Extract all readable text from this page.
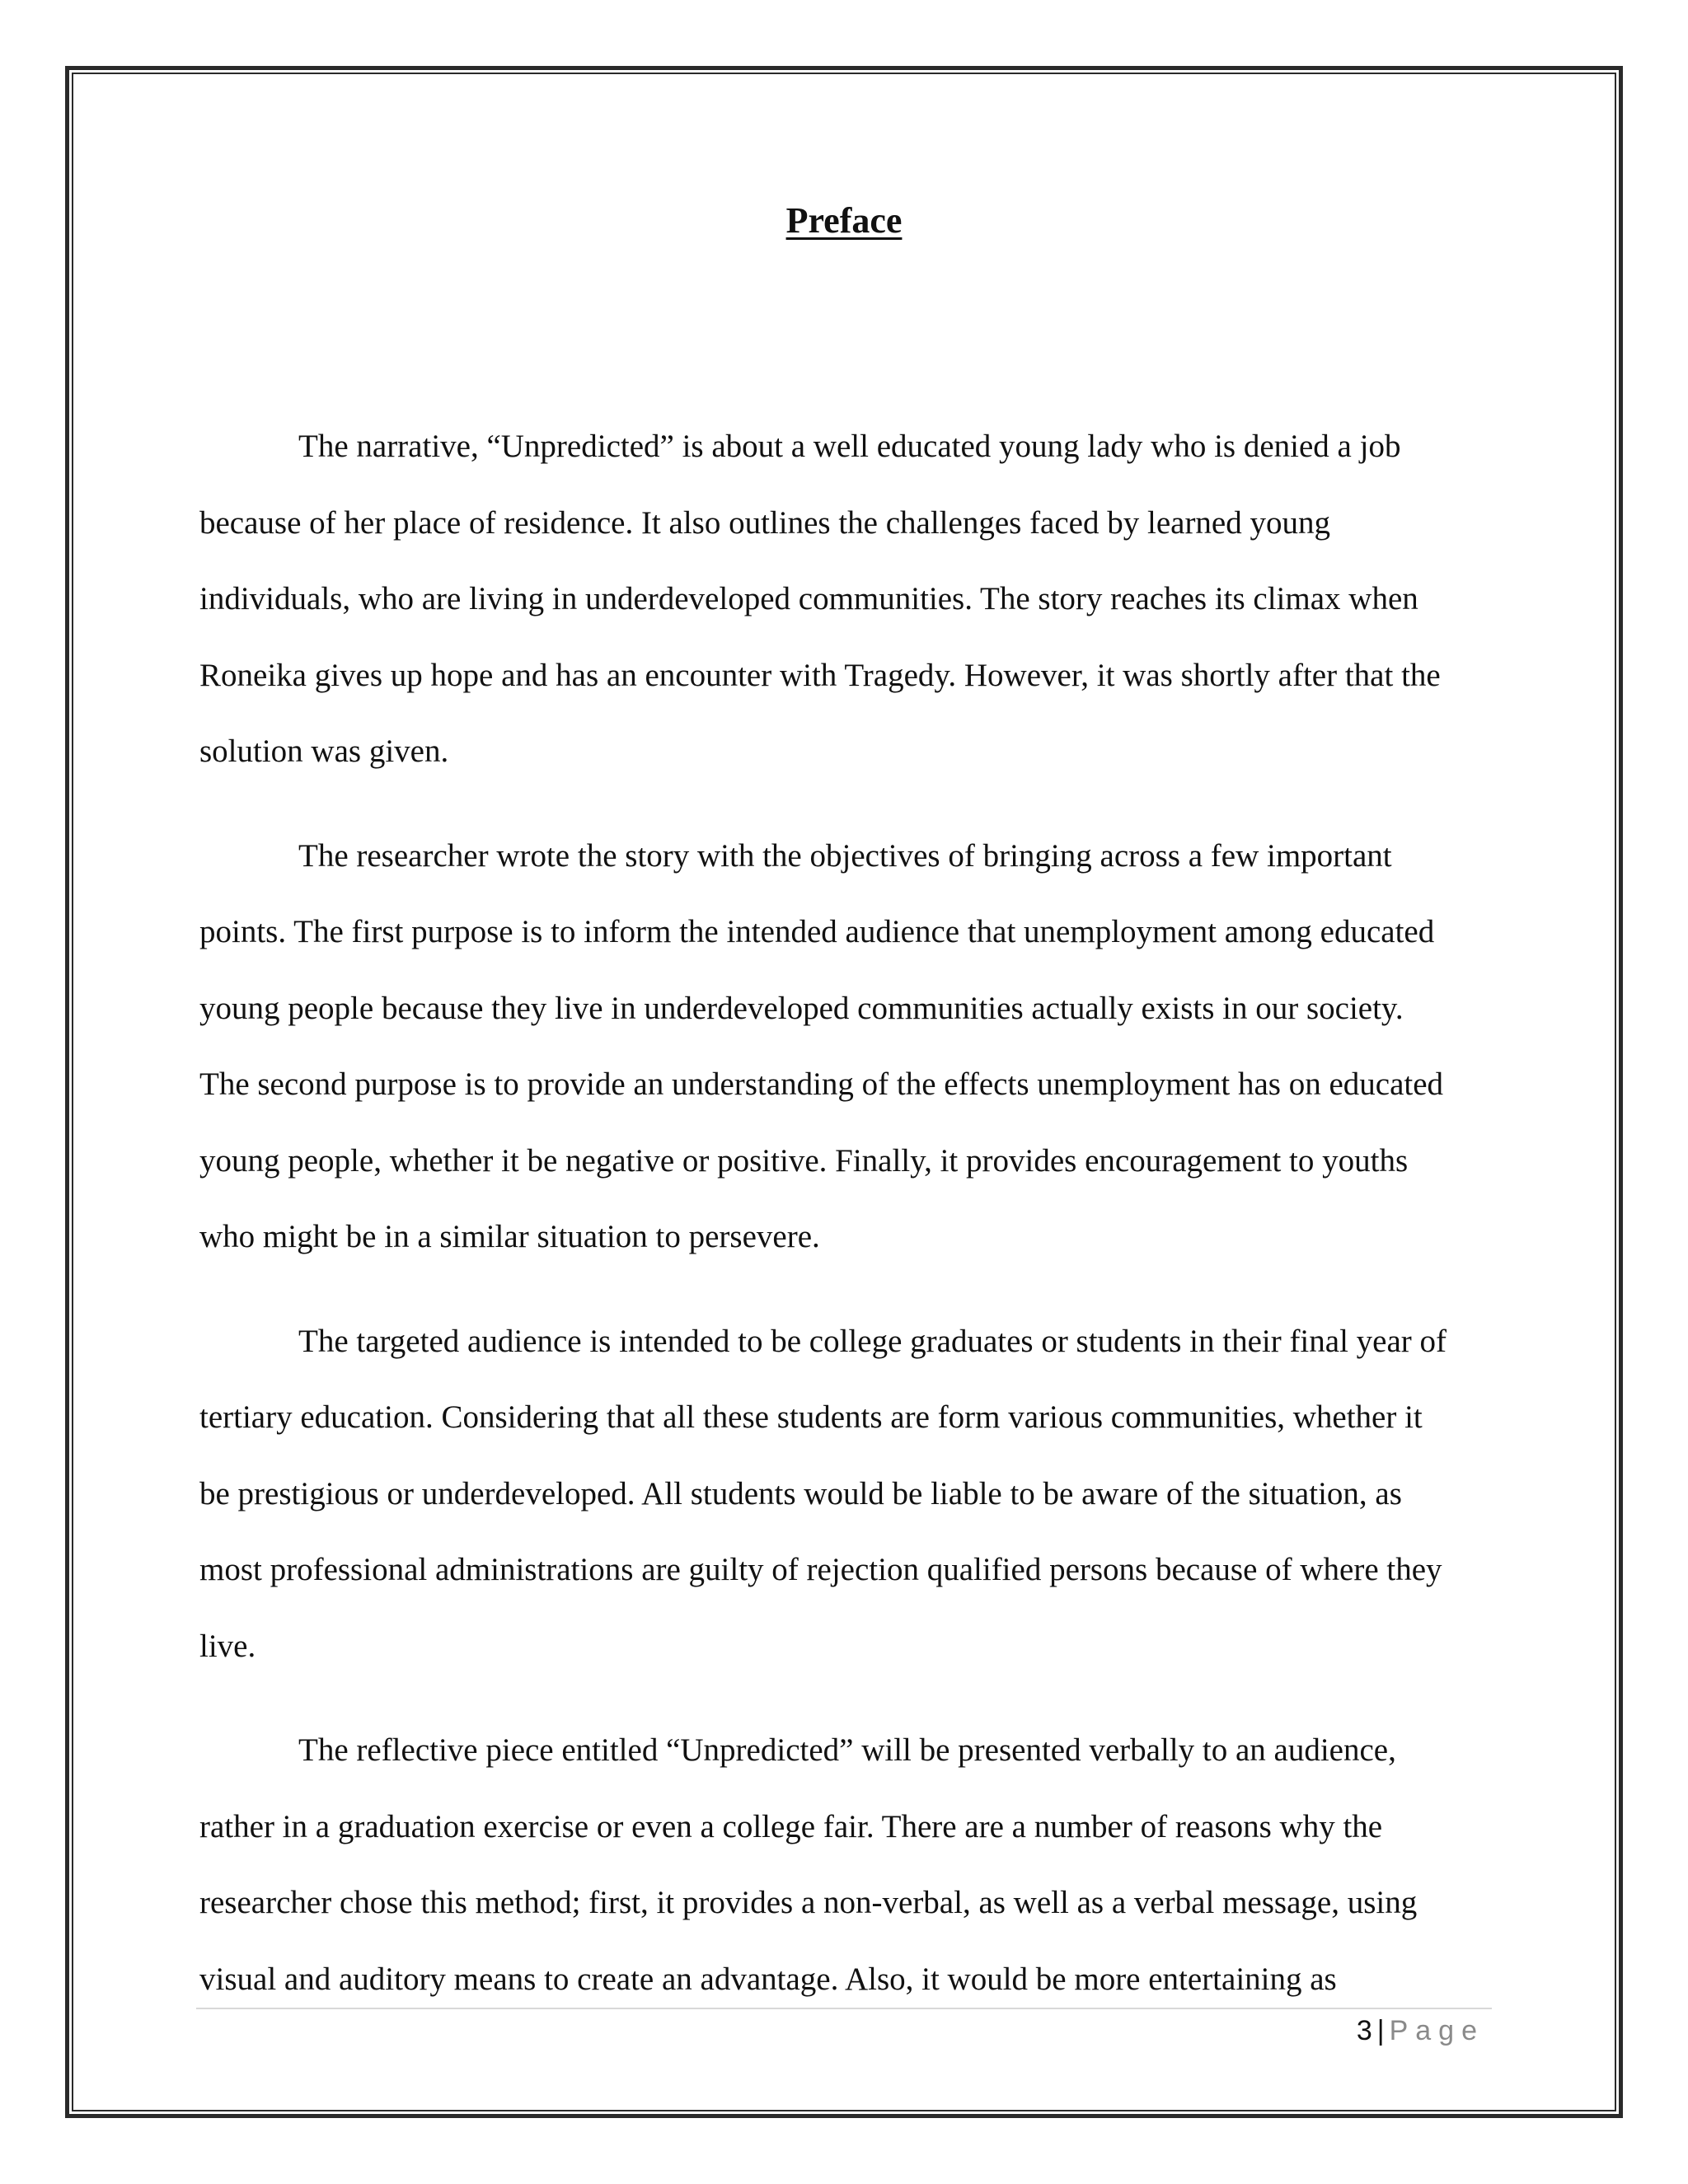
Preface

The narrative, “Unpredicted” is about a well educated young lady who is denied a job
because of her place of residence. It also outlines the challenges faced by learned young
individuals, who are living in underdeveloped communities. The story reaches its climax when
Roneika gives up hope and has an encounter with Tragedy. However, it was shortly after that the
solution was given.

The researcher wrote the story with the objectives of bringing across a few important
points. The first purpose is to inform the intended audience that unemployment among educated
young people because they live in underdeveloped communities actually exists in our society.
The second purpose is to provide an understanding of the effects unemployment has on educated
young people, whether it be negative or positive. Finally, it provides encouragement to youths
who might be in a similar situation to persevere.

The targeted audience is intended to be college graduates or students in their final year of
tertiary education. Considering that all these students are form various communities, whether it
be prestigious or underdeveloped. All students would be liable to be aware of the situation, as
most professional administrations are guilty of rejection qualified persons because of where they
live.

The reflective piece entitled “Unpredicted” will be presented verbally to an audience,
rather in a graduation exercise or even a college fair. There are a number of reasons why the
researcher chose this method; first, it provides a non-verbal, as well as a verbal message, using
visual and auditory means to create an advantage. Also, it would be more entertaining as

3 | Page
